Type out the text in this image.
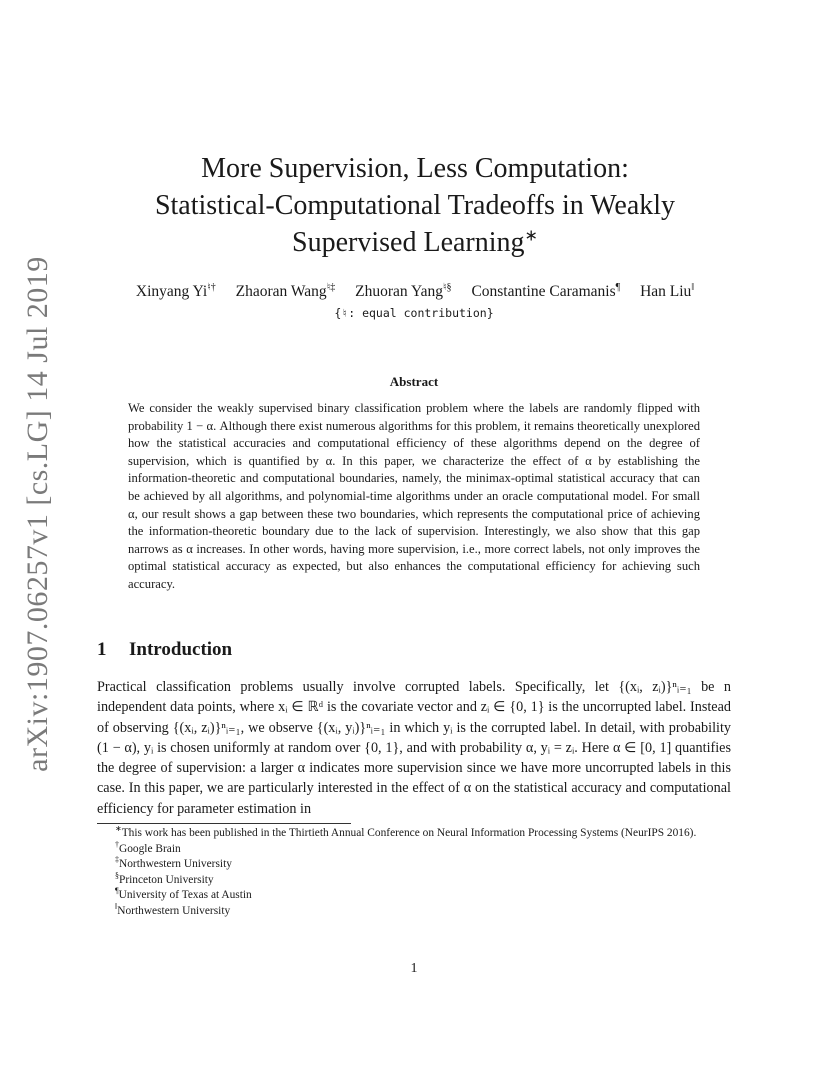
arXiv:1907.06257v1 [cs.LG] 14 Jul 2019
More Supervision, Less Computation:
Statistical-Computational Tradeoffs in Weakly
Supervised Learning∗
Xinyang Yi♮† Zhaoran Wang♮‡ Zhuoran Yang♮§ Constantine Caramanis¶ Han Liu‖
{♮: equal contribution}
Abstract
We consider the weakly supervised binary classification problem where the labels are randomly flipped with probability 1 − α. Although there exist numerous algorithms for this problem, it remains theoretically unexplored how the statistical accuracies and computational efficiency of these algorithms depend on the degree of supervision, which is quantified by α. In this paper, we characterize the effect of α by establishing the information-theoretic and computational boundaries, namely, the minimax-optimal statistical accuracy that can be achieved by all algorithms, and polynomial-time algorithms under an oracle computational model. For small α, our result shows a gap between these two boundaries, which represents the computational price of achieving the information-theoretic boundary due to the lack of supervision. Interestingly, we also show that this gap narrows as α increases. In other words, having more supervision, i.e., more correct labels, not only improves the optimal statistical accuracy as expected, but also enhances the computational efficiency for achieving such accuracy.
1 Introduction
Practical classification problems usually involve corrupted labels. Specifically, let {(xᵢ, zᵢ)}ⁿᵢ₌₁ be n independent data points, where xᵢ ∈ ℝᵈ is the covariate vector and zᵢ ∈ {0, 1} is the uncorrupted label. Instead of observing {(xᵢ, zᵢ)}ⁿᵢ₌₁, we observe {(xᵢ, yᵢ)}ⁿᵢ₌₁ in which yᵢ is the corrupted label. In detail, with probability (1 − α), yᵢ is chosen uniformly at random over {0, 1}, and with probability α, yᵢ = zᵢ. Here α ∈ [0, 1] quantifies the degree of supervision: a larger α indicates more supervision since we have more uncorrupted labels in this case. In this paper, we are particularly interested in the effect of α on the statistical accuracy and computational efficiency for parameter estimation in
∗This work has been published in the Thirtieth Annual Conference on Neural Information Processing Systems (NeurIPS 2016).
†Google Brain
‡Northwestern University
§Princeton University
¶University of Texas at Austin
‖Northwestern University
1
